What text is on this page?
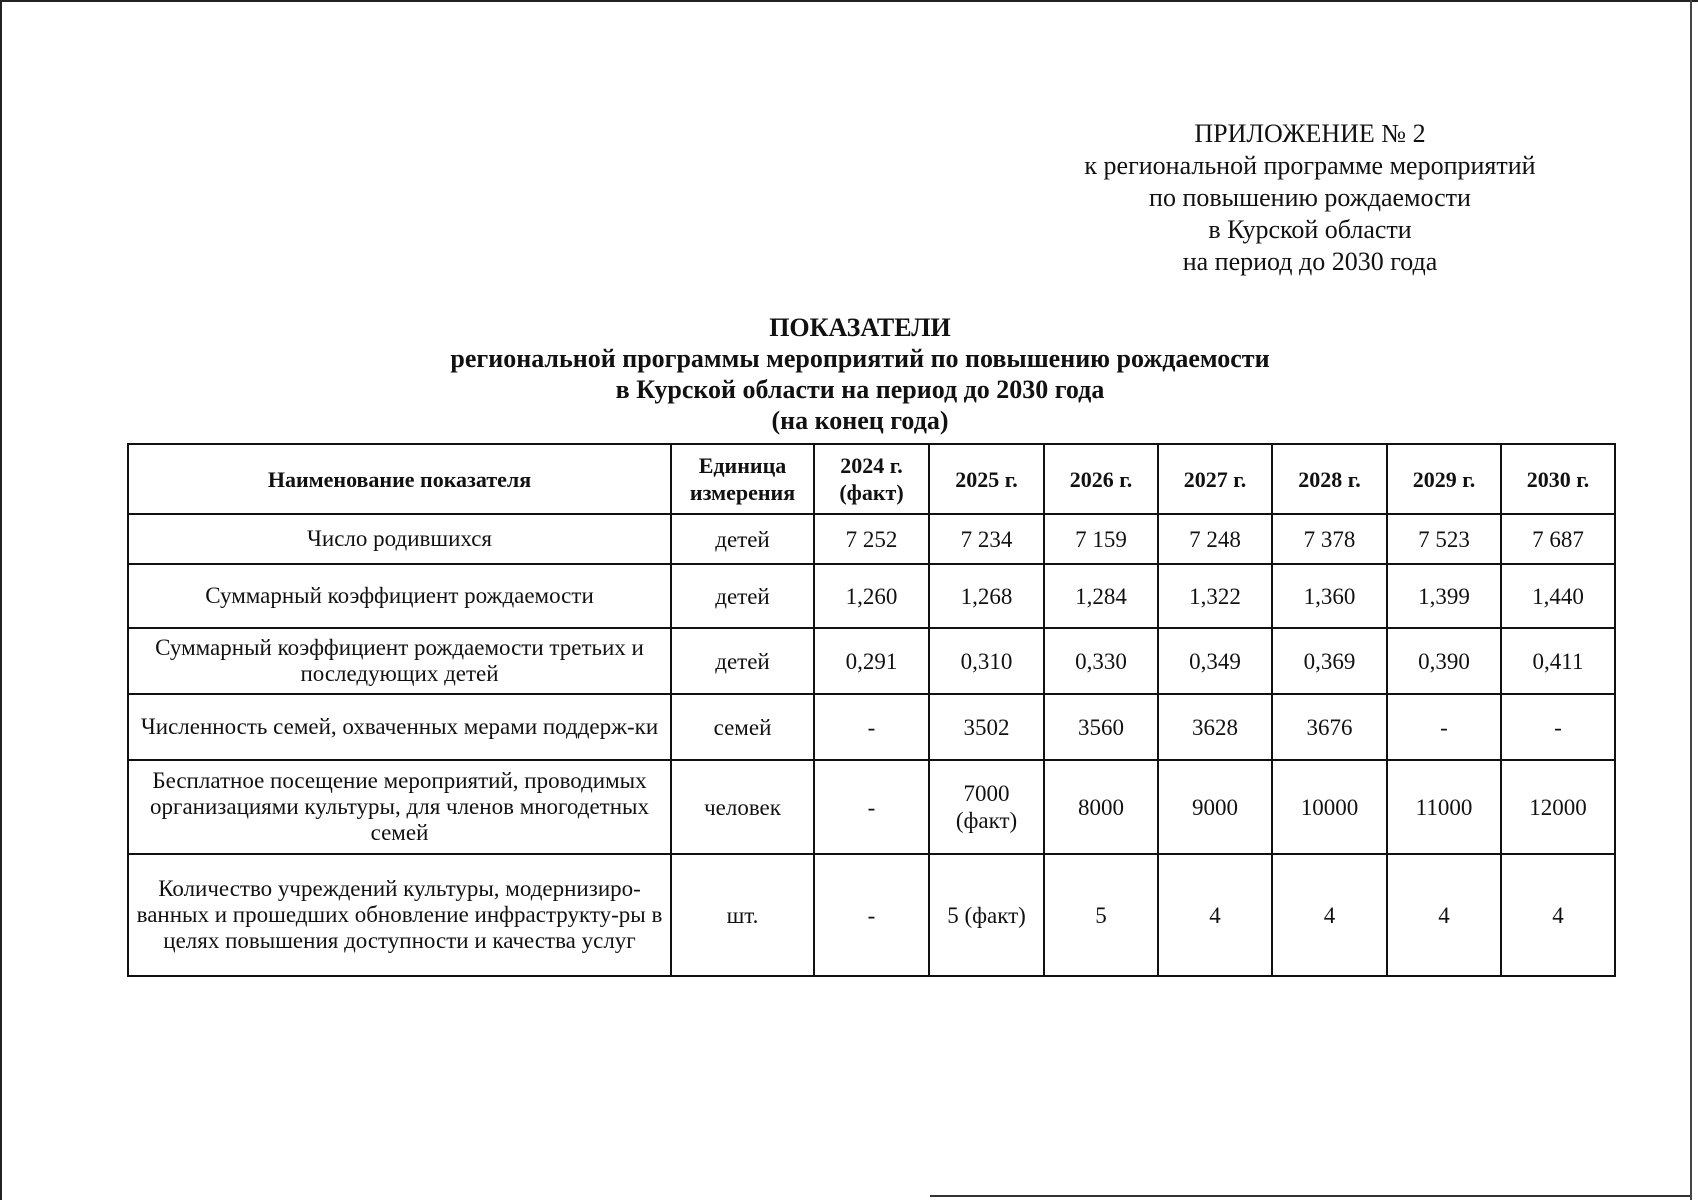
ПРИЛОЖЕНИЕ № 2
к региональной программе мероприятий
по повышению рождаемости
в Курской области
на период до 2030 года
ПОКАЗАТЕЛИ
региональной программы мероприятий по повышению рождаемости
в Курской области на период до 2030 года
(на конец года)
Наименование показателя	Единица измерения	2024 г. (факт)	2025 г.	2026 г.	2027 г.	2028 г.	2029 г.	2030 г.
Число родившихся	детей	7 252	7 234	7 159	7 248	7 378	7 523	7 687
Суммарный коэффициент рождаемости	детей	1,260	1,268	1,284	1,322	1,360	1,399	1,440
Суммарный коэффициент рождаемости третьих и последующих детей	детей	0,291	0,310	0,330	0,349	0,369	0,390	0,411
Численность семей, охваченных мерами поддерж-ки	семей	-	3502	3560	3628	3676	-	-
Бесплатное посещение мероприятий, проводимых организациями культуры, для членов многодетных семей	человек	-	7000 (факт)	8000	9000	10000	11000	12000
Количество учреждений культуры, модернизиро-ванных и прошедших обновление инфраструкту-ры в целях повышения доступности и качества услуг	шт.	-	5 (факт)	5	4	4	4	4
